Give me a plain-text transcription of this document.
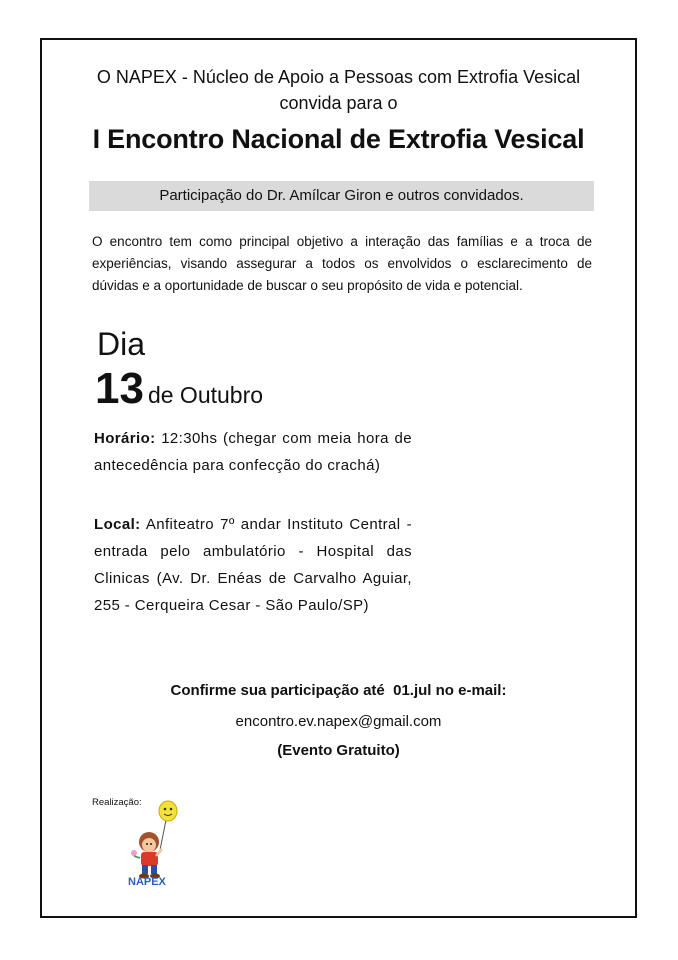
O NAPEX - Núcleo de Apoio a Pessoas com Extrofia Vesical
convida para o
I Encontro Nacional de Extrofia Vesical
Participação do Dr. Amílcar Giron e outros convidados.
O encontro tem como principal objetivo a interação das famílias e a troca de experiências, visando assegurar a todos os envolvidos o esclarecimento de dúvidas e a oportunidade de buscar o seu propósito de vida e potencial.
Dia
13 de Outubro
Horário: 12:30hs (chegar com meia hora de antecedência para confecção do crachá)
Local: Anfiteatro 7º andar Instituto Central - entrada pelo ambulatório - Hospital das Clinicas (Av. Dr. Enéas de Carvalho Aguiar, 255 - Cerqueira Cesar - São Paulo/SP)
Confirme sua participação até  01.jul no e-mail:
encontro.ev.napex@gmail.com
(Evento Gratuito)
Realização:
NAPEX
